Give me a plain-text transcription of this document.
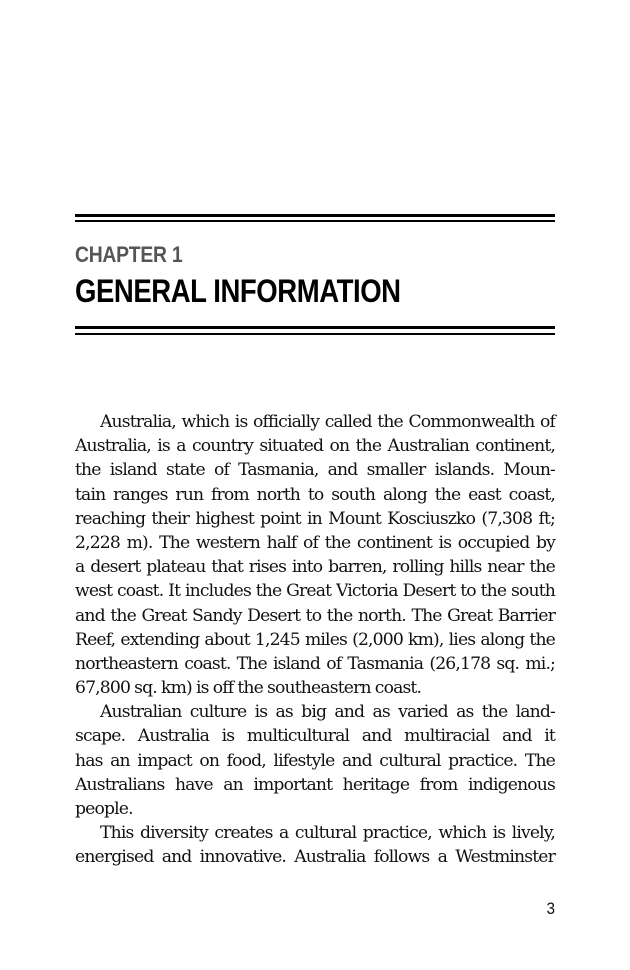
CHAPTER 1
GENERAL INFORMATION
Australia, which is officially called the Commonwealth of
Australia, is a country situated on the Australian continent,
the island state of Tasmania, and smaller islands. Moun-
tain ranges run from north to south along the east coast,
reaching their highest point in Mount Kosciuszko (7,308 ft;
2,228 m). The western half of the continent is occupied by
a desert plateau that rises into barren, rolling hills near the
west coast. It includes the Great Victoria Desert to the south
and the Great Sandy Desert to the north. The Great Barrier
Reef, extending about 1,245 miles (2,000 km), lies along the
northeastern coast. The island of Tasmania (26,178 sq. mi.;
67,800 sq. km) is off the southeastern coast.
Australian culture is as big and as varied as the land-
scape. Australia is multicultural and multiracial and it
has an impact on food, lifestyle and cultural practice. The
Australians have an important heritage from indigenous
people.
This diversity creates a cultural practice, which is lively,
energised and innovative. Australia follows a Westminster
3
